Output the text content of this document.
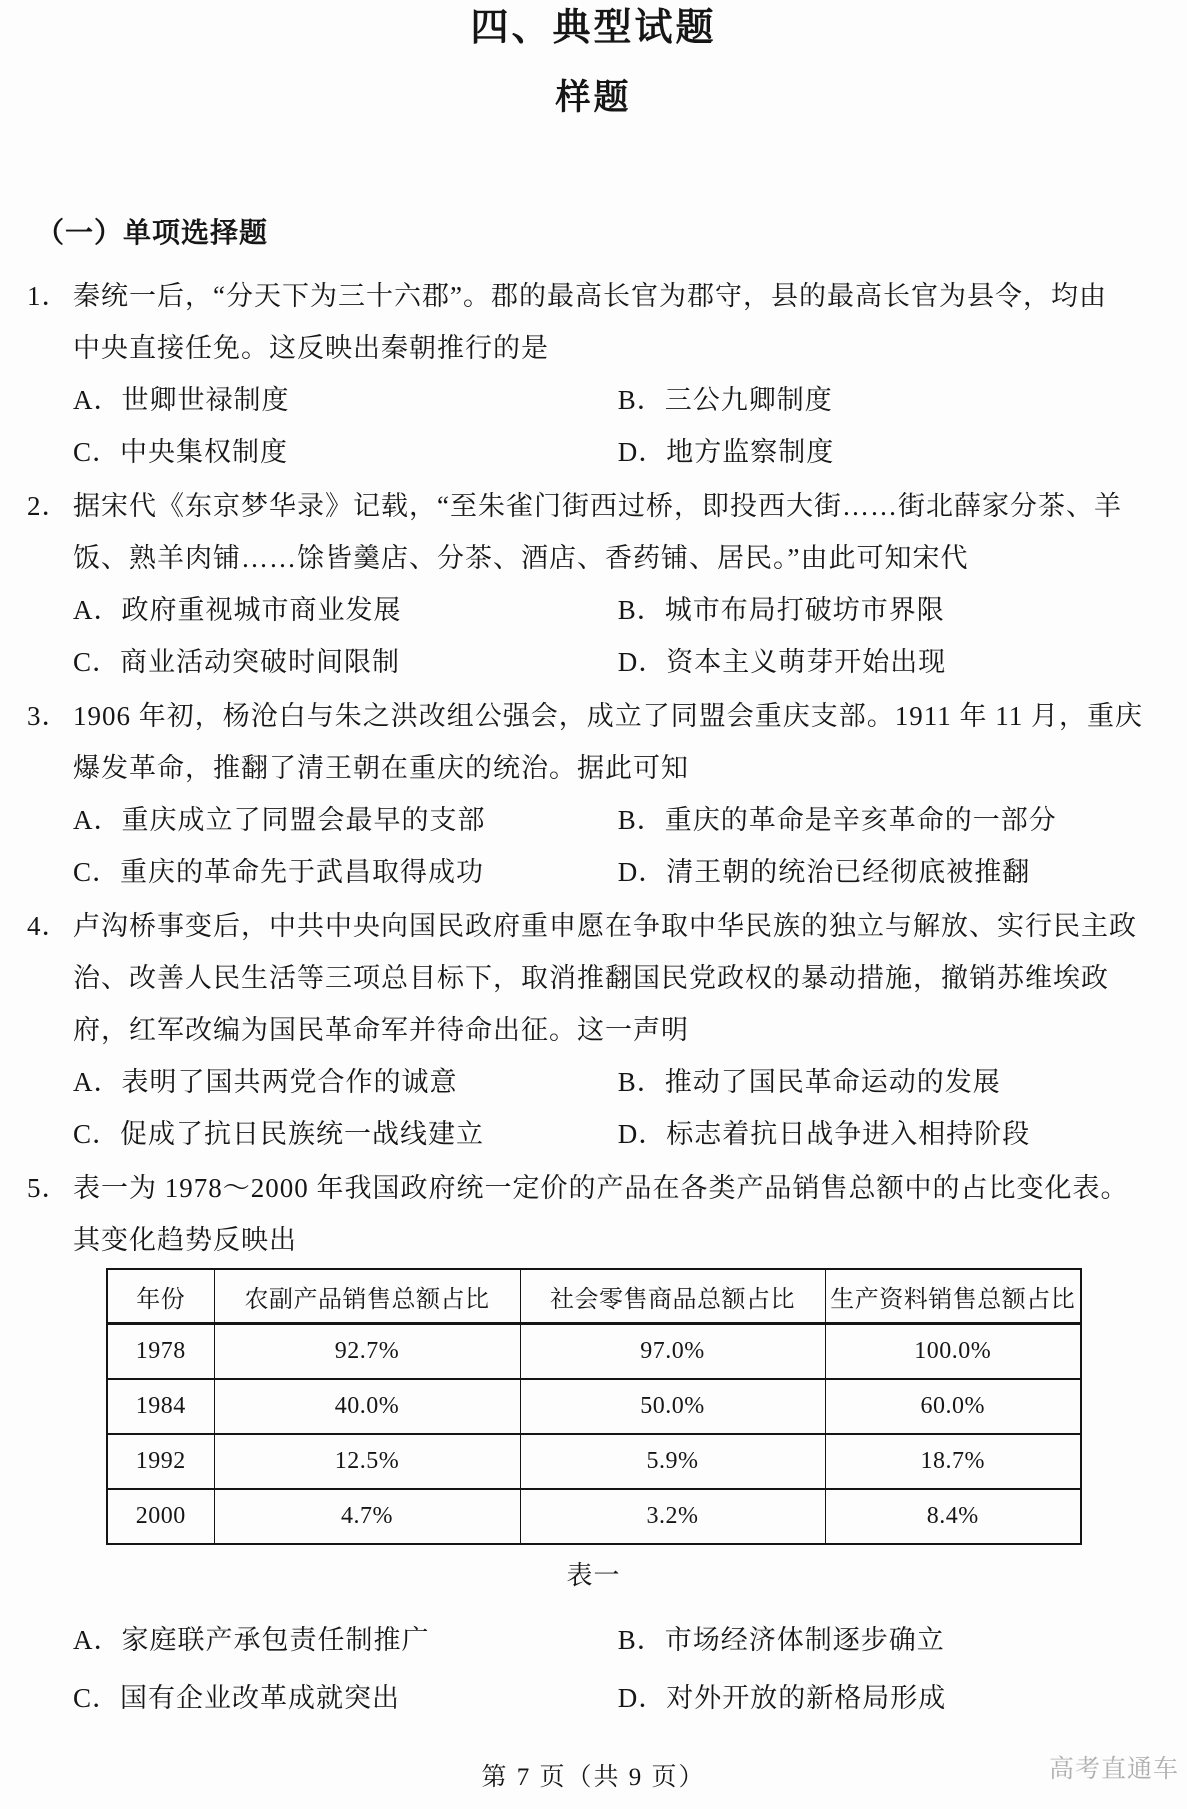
四、典型试题
样题
（一）单项选择题
1． 秦统一后，“分天下为三十六郡”。郡的最高长官为郡守，县的最高长官为县令，均由
中央直接任免。这反映出秦朝推行的是
A．世卿世禄制度	B．三公九卿制度
C．中央集权制度	D．地方监察制度
2． 据宋代《东京梦华录》记载，“至朱雀门街西过桥，即投西大街……街北薛家分茶、羊
饭、熟羊肉铺……馀皆羹店、分茶、酒店、香药铺、居民。”由此可知宋代
A．政府重视城市商业发展	B．城市布局打破坊市界限
C．商业活动突破时间限制	D．资本主义萌芽开始出现
3． 1906 年初，杨沧白与朱之洪改组公强会，成立了同盟会重庆支部。1911 年 11 月，重庆
爆发革命，推翻了清王朝在重庆的统治。据此可知
A．重庆成立了同盟会最早的支部	B．重庆的革命是辛亥革命的一部分
C．重庆的革命先于武昌取得成功	D．清王朝的统治已经彻底被推翻
4． 卢沟桥事变后，中共中央向国民政府重申愿在争取中华民族的独立与解放、实行民主政
治、改善人民生活等三项总目标下，取消推翻国民党政权的暴动措施，撤销苏维埃政
府，红军改编为国民革命军并待命出征。这一声明
A．表明了国共两党合作的诚意	B．推动了国民革命运动的发展
C．促成了抗日民族统一战线建立	D．标志着抗日战争进入相持阶段
5． 表一为 1978～2000 年我国政府统一定价的产品在各类产品销售总额中的占比变化表。
其变化趋势反映出
年份	农副产品销售总额占比	社会零售商品总额占比	生产资料销售总额占比
1978	92.7%	97.0%	100.0%
1984	40.0%	50.0%	60.0%
1992	12.5%	5.9%	18.7%
2000	4.7%	3.2%	8.4%
表一
A．家庭联产承包责任制推广	B．市场经济体制逐步确立
C．国有企业改革成就突出	D．对外开放的新格局形成
第 7 页（共 9 页）	高考直通车
